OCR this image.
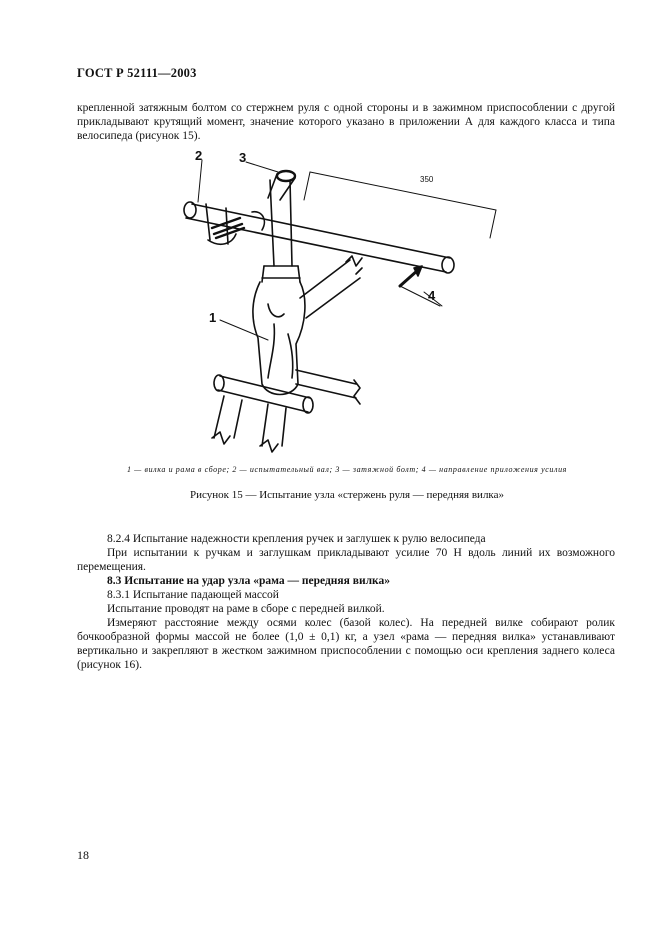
ГОСТ Р 52111—2003

крепленной затяжным болтом со стержнем руля с одной стороны и в зажимном приспособлении с другой прикладывают крутящий момент, значение которого указано в приложении А для каждого класса и типа велосипеда (рисунок 15).

2	3
1
4
350
1 — вилка и рама в сборе; 2 — испытательный вал; 3 — затяжной болт; 4 — направление приложения усилия
Рисунок 15 — Испытание узла «стержень руля — передняя вилка»

8.2.4 Испытание надежности крепления ручек и заглушек к рулю велосипеда

При испытании к ручкам и заглушкам прикладывают усилие 70 Н вдоль линий их возможного перемещения.

8.3 Испытание на удар узла «рама — передняя вилка»

8.3.1 Испытание падающей массой

Испытание проводят на раме в сборе с передней вилкой.

Измеряют расстояние между осями колес (базой колес). На передней вилке собирают ролик бочкообразной формы массой не более (1,0 ± 0,1) кг, а узел «рама — передняя вилка» устанавливают вертикально и закрепляют в жестком зажимном приспособлении с помощью оси крепления заднего колеса (рисунок 16).

18
